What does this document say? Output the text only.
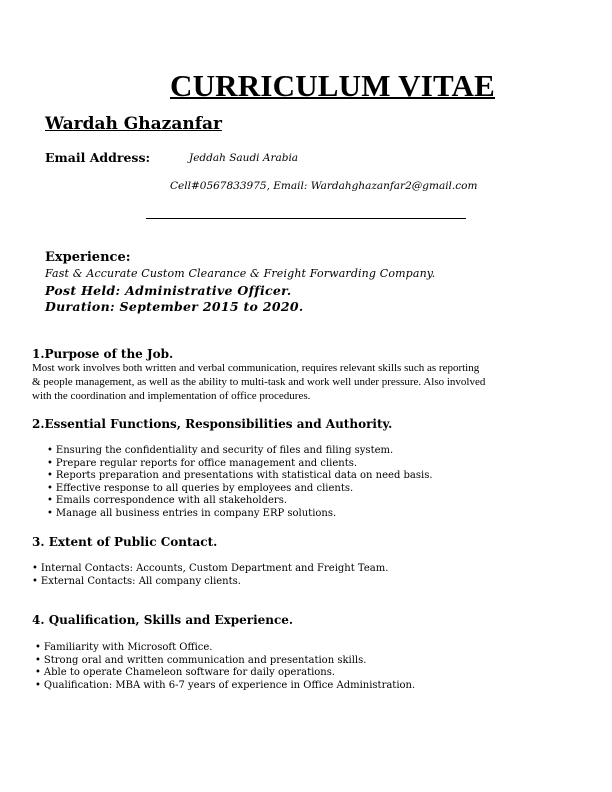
CURRICULUM VITAE
Wardah Ghazanfar
Email Address:	Jeddah Saudi Arabia
Cell#0567833975, Email: Wardahghazanfar2@gmail.com
Experience:
Fast & Accurate Custom Clearance & Freight Forwarding Company.
Post Held: Administrative Officer.
Duration: September 2015 to 2020.
1.Purpose of the Job.
Most work involves both written and verbal communication, requires relevant skills such as reporting
& people management, as well as the ability to multi-task and work well under pressure. Also involved
with the coordination and implementation of office procedures.
2.Essential Functions, Responsibilities and Authority.
• Ensuring the confidentiality and security of files and filing system.
• Prepare regular reports for office management and clients.
• Reports preparation and presentations with statistical data on need basis.
• Effective response to all queries by employees and clients.
• Emails correspondence with all stakeholders.
• Manage all business entries in company ERP solutions.
3. Extent of Public Contact.
• Internal Contacts: Accounts, Custom Department and Freight Team.
• External Contacts: All company clients.
4. Qualification, Skills and Experience.
• Familiarity with Microsoft Office.
• Strong oral and written communication and presentation skills.
• Able to operate Chameleon software for daily operations.
• Qualification: MBA with 6-7 years of experience in Office Administration.
